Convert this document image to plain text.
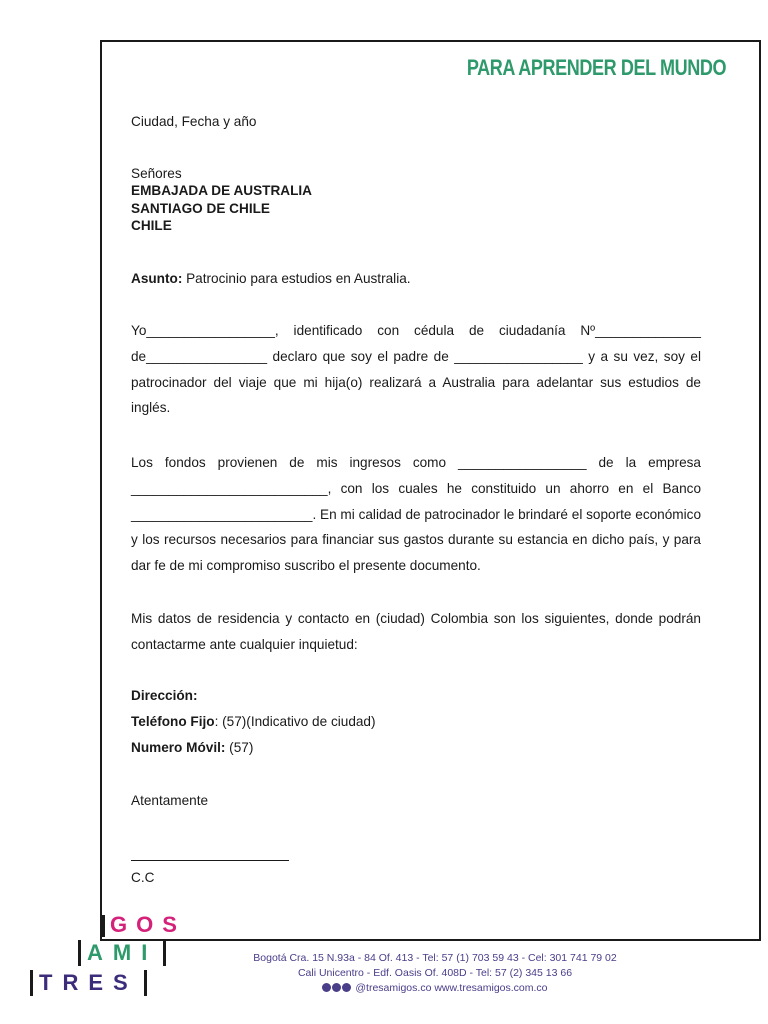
PARA APRENDER DEL MUNDO
Ciudad, Fecha y año
Señores
EMBAJADA DE AUSTRALIA
SANTIAGO DE CHILE
CHILE
Asunto: Patrocinio para estudios en Australia.
Yo_________________, identificado con cédula de ciudadanía Nº______________ de________________ declaro que soy el padre de _________________ y a su vez, soy el patrocinador del viaje que mi hija(o) realizará a Australia para adelantar sus estudios de inglés.
Los fondos provienen de mis ingresos como _________________ de la empresa __________________________, con los cuales he constituido un ahorro en el Banco ________________________. En mi calidad de patrocinador le brindaré el soporte económico y los recursos necesarios para financiar sus gastos durante su estancia en dicho país, y para dar fe de mi compromiso suscribo el presente documento.
Mis datos de residencia y contacto en (ciudad) Colombia son los siguientes, donde podrán contactarme ante cualquier inquietud:
Dirección:
Teléfono Fijo: (57)(Indicativo de ciudad)
Numero Móvil: (57)
Atentamente
C.C
GOS
AMI
TRES
Bogotá Cra. 15 N.93a - 84 Of. 413 - Tel: 57 (1) 703 59 43 - Cel: 301 741 79 02
Cali Unicentro - Edf. Oasis Of. 408D - Tel: 57 (2) 345 13 66
@tresamigos.co www.tresamigos.com.co
